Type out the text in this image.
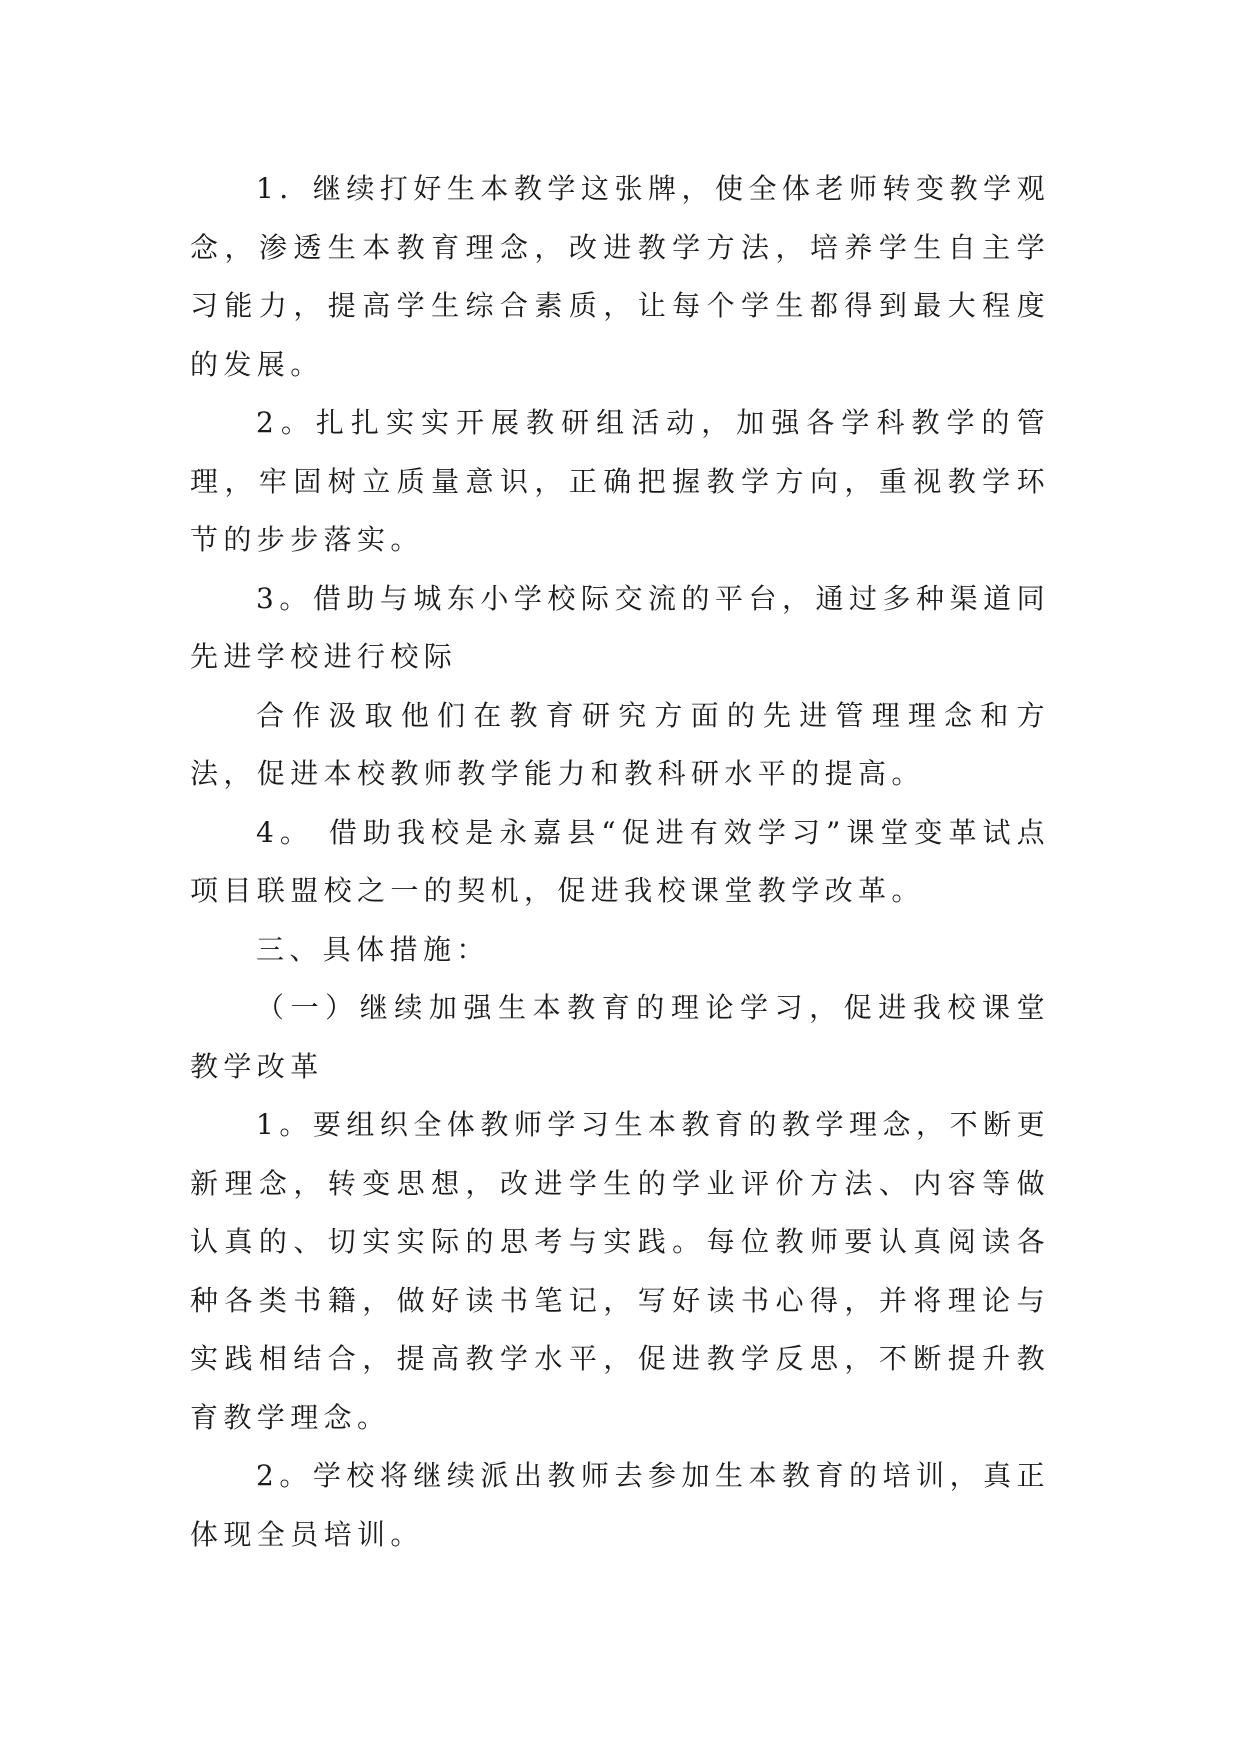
1．继续打好生本教学这张牌，使全体老师转变教学观念，渗透生本教育理念，改进教学方法，培养学生自主学习能力，提高学生综合素质，让每个学生都得到最大程度的发展。

2。扎扎实实开展教研组活动，加强各学科教学的管理，牢固树立质量意识，正确把握教学方向，重视教学环节的步步落实。

3。借助与城东小学校际交流的平台，通过多种渠道同先进学校进行校际

合作汲取他们在教育研究方面的先进管理理念和方法，促进本校教师教学能力和教科研水平的提高。

4。 借助我校是永嘉县“促进有效学习”课堂变革试点项目联盟校之一的契机，促进我校课堂教学改革。

三、具体措施：

（一）继续加强生本教育的理论学习，促进我校课堂教学改革

1。要组织全体教师学习生本教育的教学理念，不断更新理念，转变思想，改进学生的学业评价方法、内容等做认真的、切实实际的思考与实践。每位教师要认真阅读各种各类书籍，做好读书笔记，写好读书心得，并将理论与实践相结合，提高教学水平，促进教学反思，不断提升教育教学理念。

2。学校将继续派出教师去参加生本教育的培训，真正体现全员培训。
